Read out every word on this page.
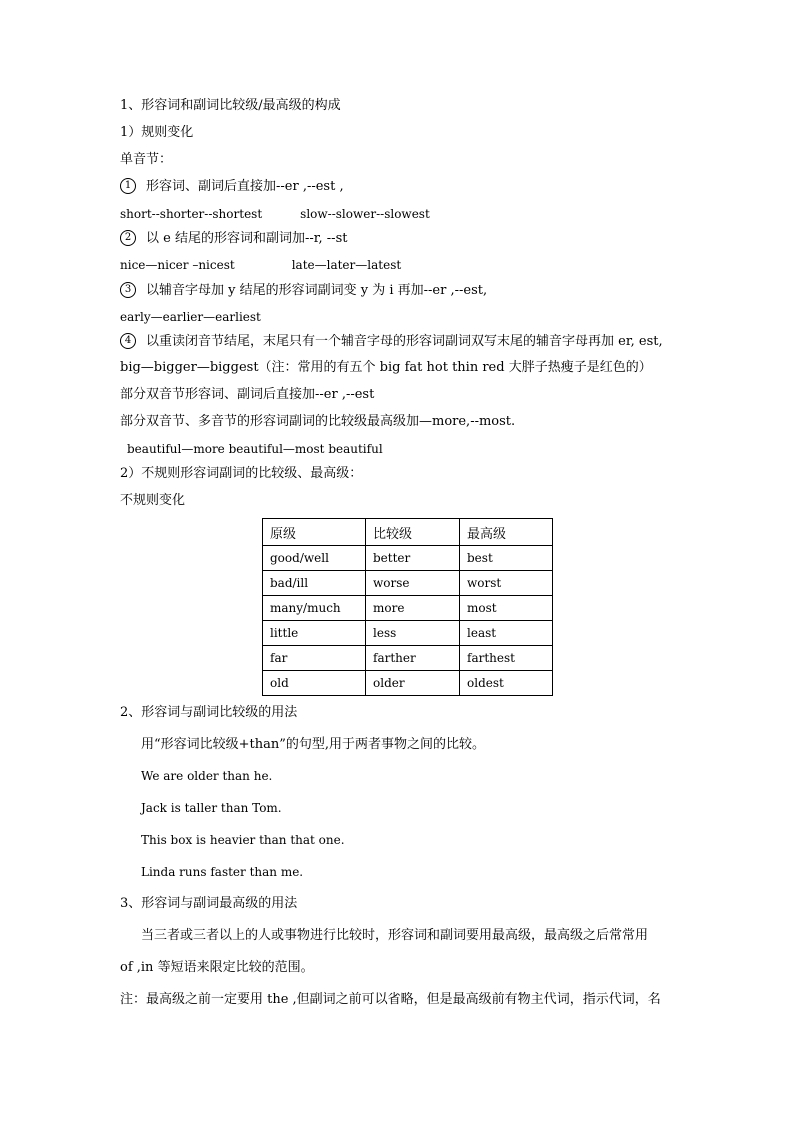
1、形容词和副词比较级/最高级的构成
1）规则变化
单音节：
1 形容词、副词后直接加--er ,--est ,
short--shorter--shortest	slow--slower--slowest
2 以 e 结尾的形容词和副词加--r, --st
nice—nicer –nicest	late—later—latest
3 以辅音字母加 y 结尾的形容词副词变 y 为 i 再加--er ,--est,
early—earlier—earliest
4 以重读闭音节结尾，末尾只有一个辅音字母的形容词副词双写末尾的辅音字母再加 er, est,
big—bigger—biggest（注：常用的有五个 big fat hot thin red 大胖子热瘦子是红色的）
部分双音节形容词、副词后直接加--er ,--est
部分双音节、多音节的形容词副词的比较级最高级加—more,--most.
beautiful—more beautiful—most beautiful
2）不规则形容词副词的比较级、最高级：
不规则变化
原级	比较级	最高级
good/well	better	best
bad/ill	worse	worst
many/much	more	most
little	less	least
far	farther	farthest
old	older	oldest
2、形容词与副词比较级的用法
用“形容词比较级+than”的句型,用于两者事物之间的比较。
We are older than he.
Jack is taller than Tom.
This box is heavier than that one.
Linda runs faster than me.
3、形容词与副词最高级的用法
当三者或三者以上的人或事物进行比较时，形容词和副词要用最高级，最高级之后常常用
of ,in 等短语来限定比较的范围。
注：最高级之前一定要用 the ,但副词之前可以省略，但是最高级前有物主代词，指示代词，名
